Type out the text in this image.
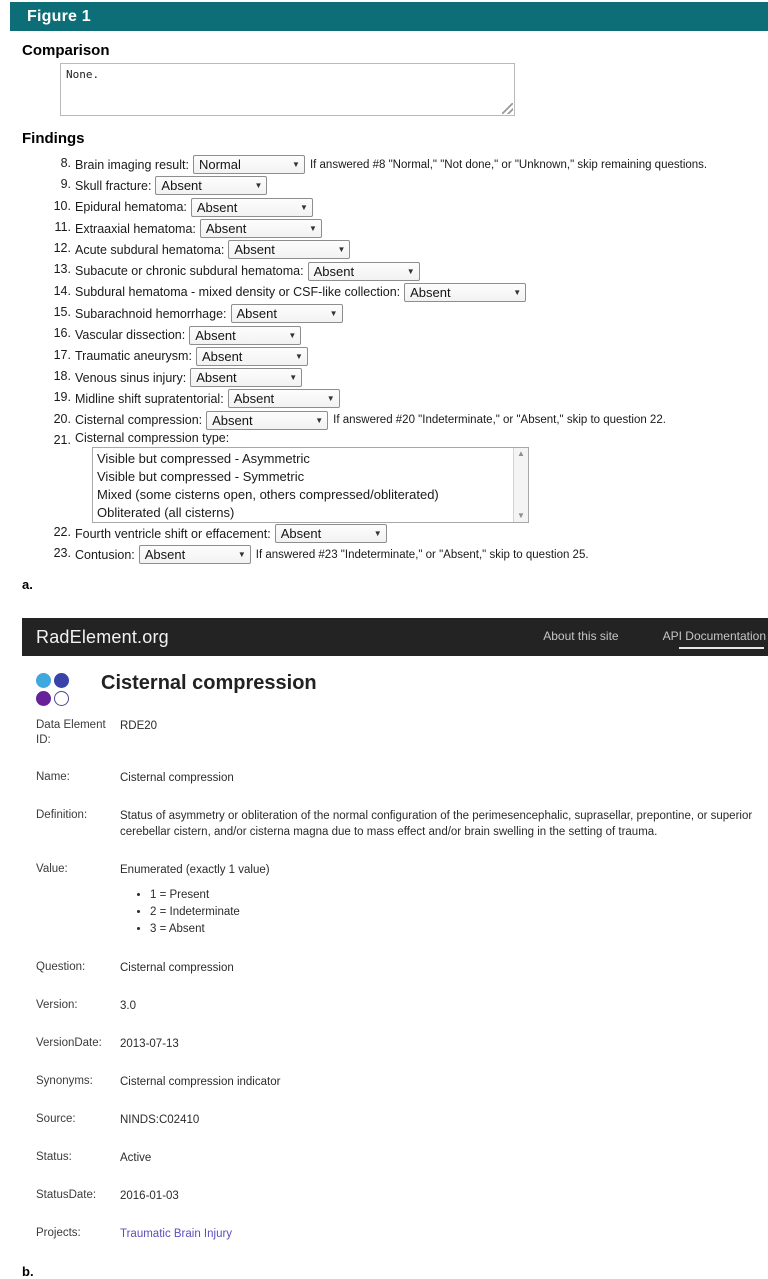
Figure 1
Comparison
None.
Findings
8. Brain imaging result: Normal	▼ If answered #8 "Normal," "Not done," or "Unknown," skip remaining questions.
9. Skull fracture: Absent	▼
10. Epidural hematoma: Absent	▼
11. Extraaxial hematoma: Absent	▼
12. Acute subdural hematoma: Absent	▼
13. Subacute or chronic subdural hematoma: Absent	▼
14. Subdural hematoma - mixed density or CSF-like collection: Absent	▼
15. Subarachnoid hemorrhage: Absent	▼
16. Vascular dissection: Absent	▼
17. Traumatic aneurysm: Absent	▼
18. Venous sinus injury: Absent	▼
19. Midline shift supratentorial: Absent	▼
20. Cisternal compression: Absent	▼ If answered #20 "Indeterminate," or "Absent," skip to question 22.
21. Cisternal compression type:
Visible but compressed - Asymmetric
Visible but compressed - Symmetric
Mixed (some cisterns open, others compressed/obliterated)
Obliterated (all cisterns)
▲
▼
22. Fourth ventricle shift or effacement: Absent	▼
23. Contusion: Absent	▼ If answered #23 "Indeterminate," or "Absent," skip to question 25.
a.
RadElement.org	About this site	API Documentation
Cisternal compression
Data Element ID:
RDE20
Name:	Cisternal compression
Definition:	Status of asymmetry or obliteration of the normal configuration of the perimesencephalic, suprasellar, prepontine, or superior cerebellar cistern, and/or cisterna magna due to mass effect and/or brain swelling in the setting of trauma.
Value:	Enumerated (exactly 1 value)
• 1 = Present
• 2 = Indeterminate
• 3 = Absent
Question:	Cisternal compression
Version:	3.0
VersionDate:	2013-07-13
Synonyms:	Cisternal compression indicator
Source:	NINDS:C02410
Status:	Active
StatusDate:	2016-01-03
Projects:	Traumatic Brain Injury
b.
